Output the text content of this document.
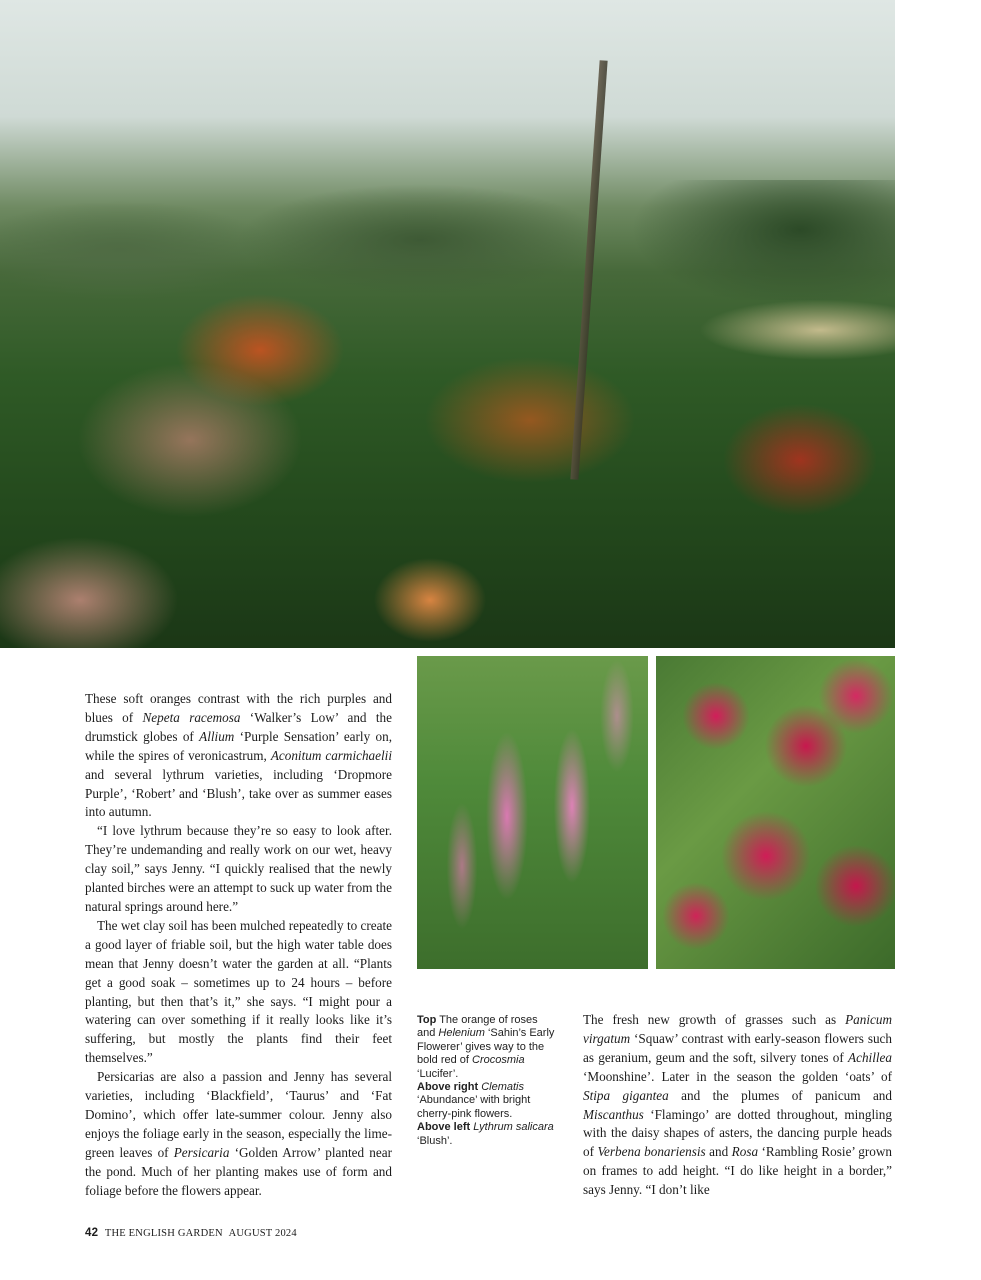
These soft oranges contrast with the rich purples and blues of Nepeta racemosa ‘Walker’s Low’ and the drumstick globes of Allium ‘Purple Sensation’ early on, while the spires of veronicastrum, Aconitum carmichaelii and several lythrum varieties, including ‘Dropmore Purple’, ‘Robert’ and ‘Blush’, take over as summer eases into autumn.

“I love lythrum because they’re so easy to look after. They’re undemanding and really work on our wet, heavy clay soil,” says Jenny. “I quickly realised that the newly planted birches were an attempt to suck up water from the natural springs around here.”

The wet clay soil has been mulched repeatedly to create a good layer of friable soil, but the high water table does mean that Jenny doesn’t water the garden at all. “Plants get a good soak – sometimes up to 24 hours – before planting, but then that’s it,” she says. “I might pour a watering can over something if it really looks like it’s suffering, but mostly the plants find their feet themselves.”

Persicarias are also a passion and Jenny has several varieties, including ‘Blackfield’, ‘Taurus’ and ‘Fat Domino’, which offer late-summer colour. Jenny also enjoys the foliage early in the season, especially the lime-green leaves of Persicaria ‘Golden Arrow’ planted near the pond. Much of her planting makes use of form and foliage before the flowers appear.

Top The orange of roses and Helenium ‘Sahin’s Early Flowerer’ gives way to the bold red of Crocosmia ‘Lucifer’.
Above right Clematis ‘Abundance’ with bright cherry-pink flowers.
Above left Lythrum salicara ‘Blush’.

The fresh new growth of grasses such as Panicum virgatum ‘Squaw’ contrast with early-season flowers such as geranium, geum and the soft, silvery tones of Achillea ‘Moonshine’. Later in the season the golden ‘oats’ of Stipa gigantea and the plumes of panicum and Miscanthus ‘Flamingo’ are dotted throughout, mingling with the daisy shapes of asters, the dancing purple heads of Verbena bonariensis and Rosa ‘Rambling Rosie’ grown on frames to add height. “I do like height in a border,” says Jenny. “I don’t like

42 THE ENGLISH GARDEN AUGUST 2024
